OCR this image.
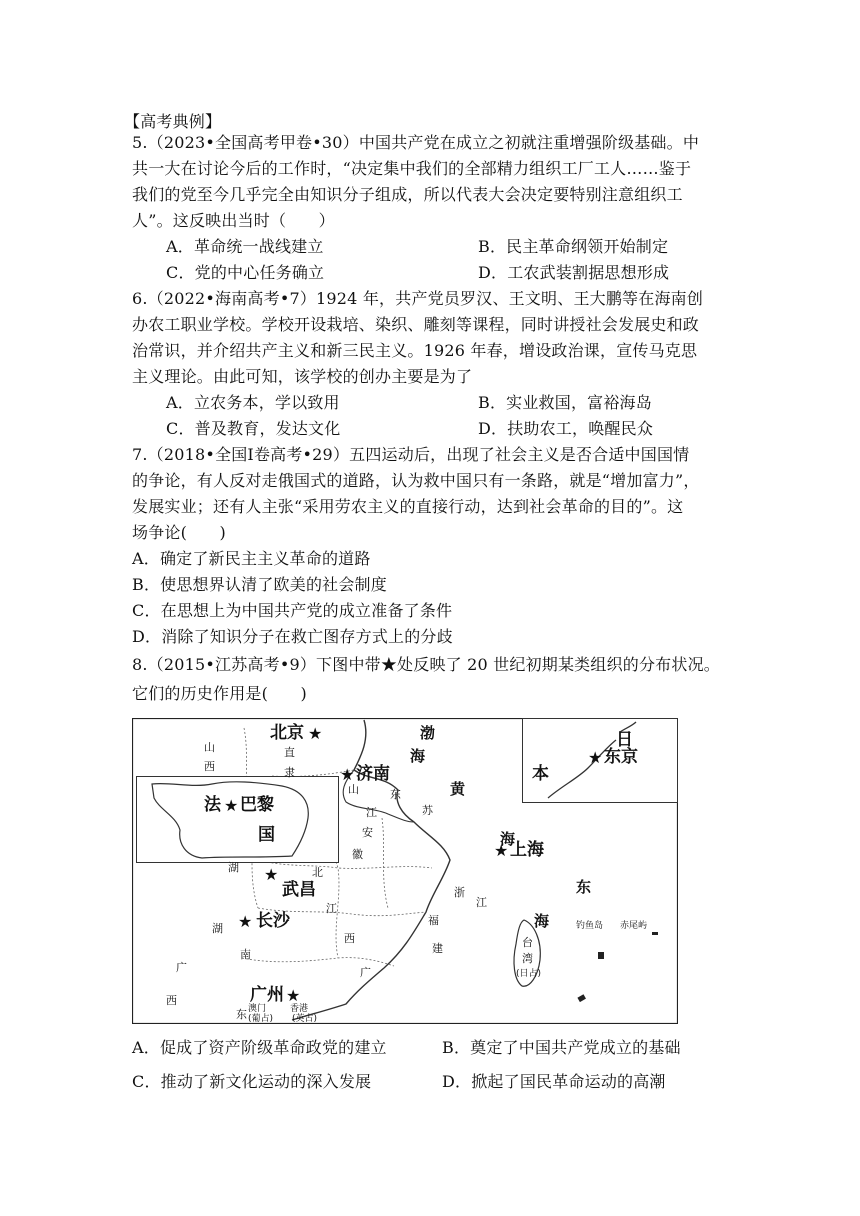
【高考典例】
5.（2023•全国高考甲卷•30）中国共产党在成立之初就注重增强阶级基础。中
共一大在讨论今后的工作时，“决定集中我们的全部精力组织工厂工人……鉴于
我们的党至今几乎完全由知识分子组成，所以代表大会决定要特别注意组织工
人”。这反映出当时（　　）
A．革命统一战线建立	B．民主革命纲领开始制定
C．党的中心任务确立	D．工农武装割据思想形成
6.（2022•海南高考•7）1924 年，共产党员罗汉、王文明、王大鹏等在海南创
办农工职业学校。学校开设栽培、染织、雕刻等课程，同时讲授社会发展史和政
治常识，并介绍共产主义和新三民主义。1926 年春，增设政治课，宣传马克思
主义理论。由此可知，该学校的创办主要是为了
A．立农务本，学以致用	B．实业救国，富裕海岛
C．普及教育，发达文化	D．扶助农工，唤醒民众
7.（2018•全国Ⅰ卷高考•29）五四运动后，出现了社会主义是否合适中国国情
的争论，有人反对走俄国式的道路，认为救中国只有一条路，就是“增加富力”，
发展实业；还有人主张“采用劳农主义的直接行动，达到社会革命的目的”。这
场争论(　　)
A．确定了新民主主义革命的道路
B．使思想界认清了欧美的社会制度
C．在思想上为中国共产党的成立准备了条件
D．消除了知识分子在救亡图存方式上的分歧
8.（2015•江苏高考•9）下图中带★处反映了 20 世纪初期某类组织的分布状况。
它们的历史作用是(　　)
北京 ★
★ 济南
★ 上海
★
武昌
★ 长沙
广州 ★
★ 东京
法 ★ 巴黎
国
日
本
山
西
直
隶
山	东
江	苏
安
徽
湖	北
浙
江
江
西
福
建
湖
南
广
西
广
东
台
湾
(日占)
渤
海
黄
海
东
海	钓鱼岛 赤尾屿
澳门
(葡占)
香港
(英占)
A．促成了资产阶级革命政党的建立	B．奠定了中国共产党成立的基础
C．推动了新文化运动的深入发展	D．掀起了国民革命运动的高潮
